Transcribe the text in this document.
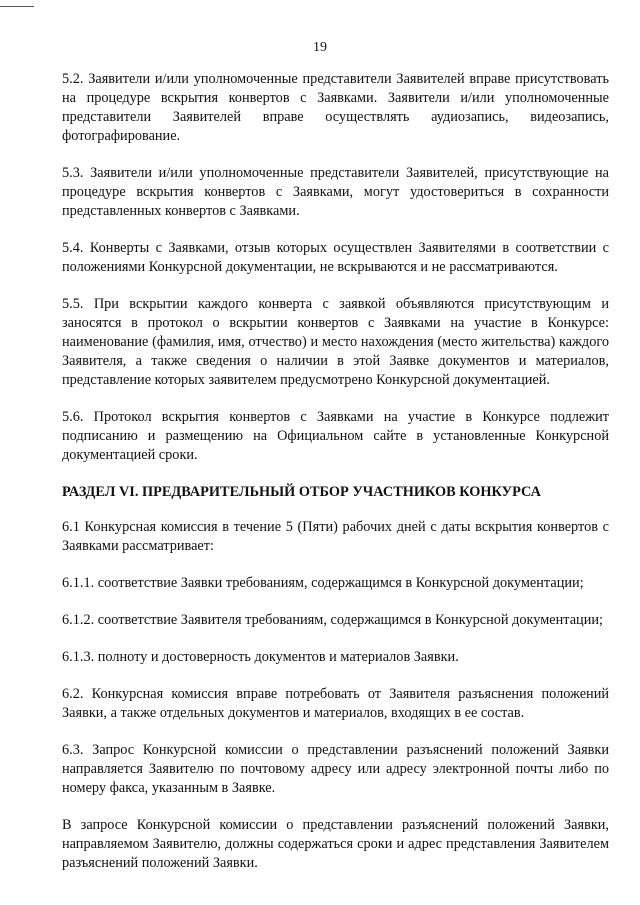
19

5.2. Заявители и/или уполномоченные представители Заявителей вправе присутствовать на процедуре вскрытия конвертов с Заявками. Заявители и/или уполномоченные представители Заявителей вправе осуществлять аудиозапись, видеозапись, фотографирование.

5.3. Заявители и/или уполномоченные представители Заявителей, присутствующие на процедуре вскрытия конвертов с Заявками, могут удостовериться в сохранности представленных конвертов с Заявками.

5.4. Конверты с Заявками, отзыв которых осуществлен Заявителями в соответствии с положениями Конкурсной документации, не вскрываются и не рассматриваются.

5.5. При вскрытии каждого конверта с заявкой объявляются присутствующим и заносятся в протокол о вскрытии конвертов с Заявками на участие в Конкурсе: наименование (фамилия, имя, отчество) и место нахождения (место жительства) каждого Заявителя, а также сведения о наличии в этой Заявке документов и материалов, представление которых заявителем предусмотрено Конкурсной документацией.

5.6. Протокол вскрытия конвертов с Заявками на участие в Конкурсе подлежит подписанию и размещению на Официальном сайте в установленные Конкурсной документацией сроки.

РАЗДЕЛ VI. ПРЕДВАРИТЕЛЬНЫЙ ОТБОР УЧАСТНИКОВ КОНКУРСА

6.1 Конкурсная комиссия в течение 5 (Пяти) рабочих дней с даты вскрытия конвертов с Заявками рассматривает:

6.1.1. соответствие Заявки требованиям, содержащимся в Конкурсной документации;

6.1.2. соответствие Заявителя требованиям, содержащимся в Конкурсной документации;

6.1.3. полноту и достоверность документов и материалов Заявки.

6.2. Конкурсная комиссия вправе потребовать от Заявителя разъяснения положений Заявки, а также отдельных документов и материалов, входящих в ее состав.

6.3. Запрос Конкурсной комиссии о представлении разъяснений положений Заявки направляется Заявителю по почтовому адресу или адресу электронной почты либо по номеру факса, указанным в Заявке.

В запросе Конкурсной комиссии о представлении разъяснений положений Заявки, направляемом Заявителю, должны содержаться сроки и адрес представления Заявителем разъяснений положений Заявки.
